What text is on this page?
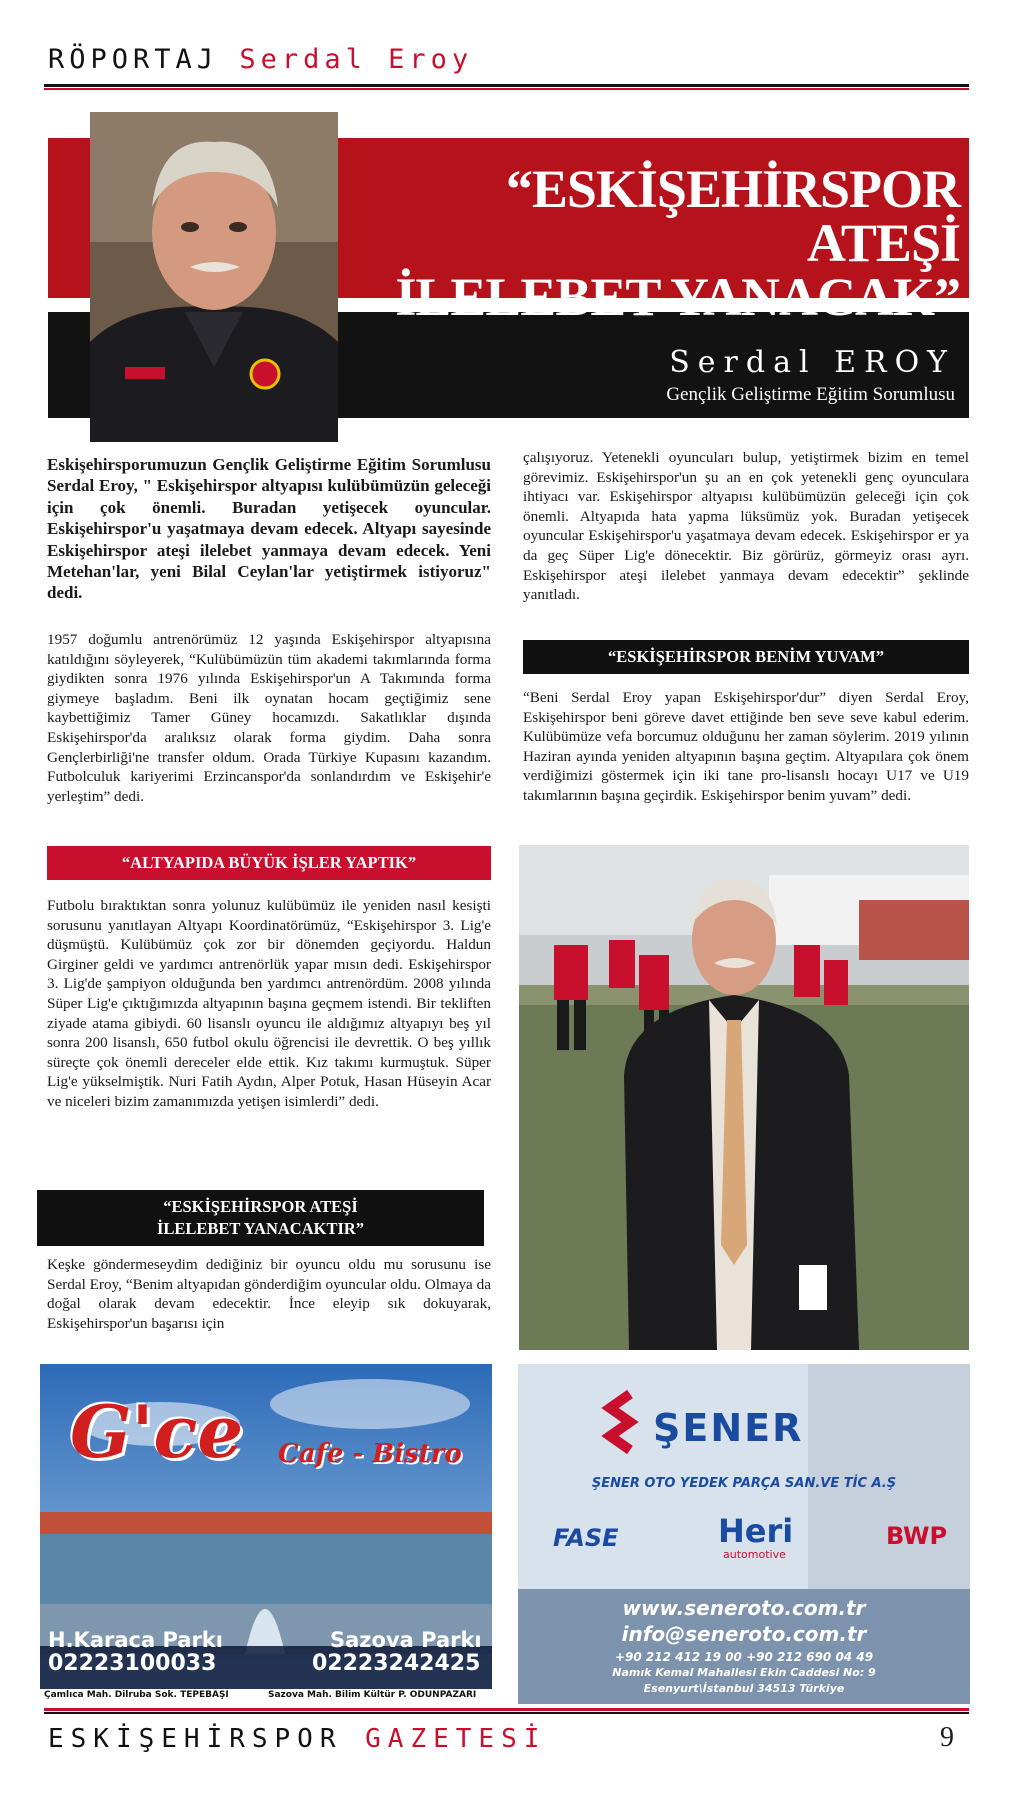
RÖPORTAJ Serdal Eroy
“ESKİŞEHİRSPOR ATEŞİ
İLELEBET YANACAK”
Serdal EROY
Gençlik Geliştirme Eğitim Sorumlusu
Eskişehirsporumuzun Gençlik Geliştirme Eğitim Sorumlusu Serdal Eroy, " Eskişehirspor altyapısı kulübümüzün geleceği için çok önemli. Buradan yetişecek oyuncular. Eskişehirspor'u yaşatmaya devam edecek. Altyapı sayesinde Eskişehirspor ateşi ilelebet yanmaya devam edecek. Yeni Metehan'lar, yeni Bilal Ceylan'lar yetiştirmek istiyoruz" dedi.
1957 doğumlu antrenörümüz 12 yaşında Eskişehirspor altyapısına katıldığını söyleyerek, “Kulübümüzün tüm akademi takımlarında forma giydikten sonra 1976 yılında Eskişehirspor'un A Takımında forma giymeye başladım. Beni ilk oynatan hocam geçtiğimiz sene kaybettiğimiz Tamer Güney hocamızdı. Sakatlıklar dışında Eskişehirspor'da aralıksız olarak forma giydim. Daha sonra Gençlerbirliği'ne transfer oldum. Orada Türkiye Kupasını kazandım. Futbolculuk kariyerimi Erzincanspor'da sonlandırdım ve Eskişehir'e yerleştim” dedi.
“ALTYAPIDA BÜYÜK İŞLER YAPTIK”
Futbolu bıraktıktan sonra yolunuz kulübümüz ile yeniden nasıl kesişti sorusunu yanıtlayan Altyapı Koordinatörümüz, “Eskişehirspor 3. Lig'e düşmüştü. Kulübümüz çok zor bir dönemden geçiyordu. Haldun Girginer geldi ve yardımcı antrenörlük yapar mısın dedi. Eskişehirspor 3. Lig'de şampiyon olduğunda ben yardımcı antrenördüm. 2008 yılında Süper Lig'e çıktığımızda altyapının başına geçmem istendi. Bir tekliften ziyade atama gibiydi. 60 lisanslı oyuncu ile aldığımız altyapıyı beş yıl sonra 200 lisanslı, 650 futbol okulu öğrencisi ile devrettik. O beş yıllık süreçte çok önemli dereceler elde ettik. Kız takımı kurmuştuk. Süper Lig'e yükselmiştik. Nuri Fatih Aydın, Alper Potuk, Hasan Hüseyin Acar ve niceleri bizim zamanımızda yetişen isimlerdi” dedi.
“ESKİŞEHİRSPOR ATEŞİ
İLELEBET YANACAKTIR”
Keşke göndermeseydim dediğiniz bir oyuncu oldu mu sorusunu ise Serdal Eroy, “Benim altyapıdan gönderdiğim oyuncular oldu. Olmaya da doğal olarak devam edecektir. İnce eleyip sık dokuyarak, Eskişehirspor'un başarısı için
çalışıyoruz. Yetenekli oyuncuları bulup, yetiştirmek bizim en temel görevimiz. Eskişehirspor'un şu an en çok yetenekli genç oyunculara ihtiyacı var. Eskişehirspor altyapısı kulübümüzün geleceği için çok önemli. Altyapıda hata yapma lüksümüz yok. Buradan yetişecek oyuncular Eskişehirspor'u yaşatmaya devam edecek. Eskişehirspor er ya da geç Süper Lig'e dönecektir. Biz görürüz, görmeyiz orası ayrı. Eskişehirspor ateşi ilelebet yanmaya devam edecektir” şeklinde yanıtladı.
“ESKİŞEHİRSPOR BENİM YUVAM”
“Beni Serdal Eroy yapan Eskişehirspor'dur” diyen Serdal Eroy, Eskişehirspor beni göreve davet ettiğinde ben seve seve kabul ederim. Kulübümüze vefa borcumuz olduğunu her zaman söylerim. 2019 yılının Haziran ayında yeniden altyapının başına geçtim. Altyapılara çok önem verdiğimizi göstermek için iki tane pro-lisanslı hocayı U17 ve U19 takımlarının başına geçirdik. Eskişehirspor benim yuvam” dedi.
G'ce Cafe - Bistro
H.Karaca Parkı
02223100033
Çamlıca Mah. Dilruba Sok. TEPEBAŞI
Sazova Parkı
02223242425
Sazova Mah. Bilim Kültür P. ODUNPAZARI
ŞENER
ŞENER OTO YEDEK PARÇA SAN.VE TİC A.Ş
FASE	Heri
automotive
BWP
www.seneroto.com.tr
info@seneroto.com.tr
+90 212 412 19 00 +90 212 690 04 49
Namık Kemal Mahallesi Ekin Caddesi No: 9
Esenyurt\İstanbul 34513 Türkiye
ESKİŞEHİRSPOR GAZETESİ	9
